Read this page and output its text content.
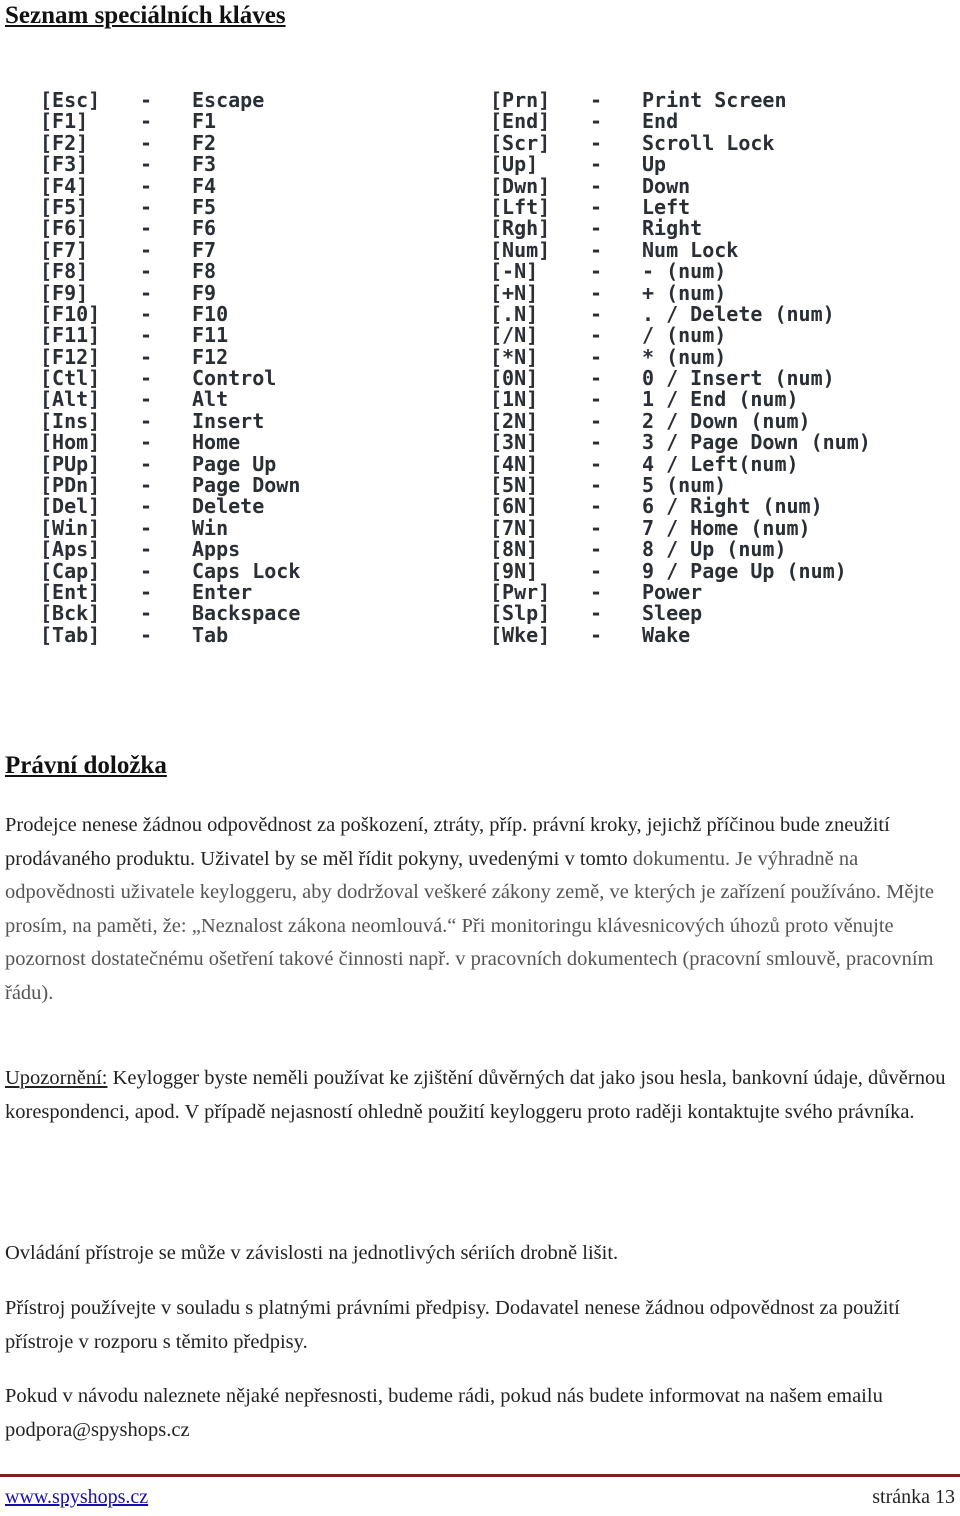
Seznam speciálních kláves
[Esc] - Escape
[F1]	- F1
[F2]	- F2
[F3]	- F3
[F4]	- F4
[F5]	- F5
[F6]	- F6
[F7]	- F7
[F8]	- F8
[F9]	- F9
[F10] - F10
[F11] - F11
[F12] - F12
[Ctl] - Control
[Alt] - Alt
[Ins] - Insert
[Hom] - Home
[PUp] - Page Up
[PDn] - Page Down
[Del] - Delete
[Win] - Win
[Aps] - Apps
[Cap] - Caps Lock
[Ent] - Enter
[Bck] - Backspace
[Tab] - Tab
[Prn] - Print Screen
[End] - End
[Scr] - Scroll Lock
[Up]	- Up
[Dwn] - Down
[Lft] - Left
[Rgh] - Right
[Num] - Num Lock
[-N]	- - (num)
[+N]	- + (num)
[.N]	- . / Delete (num)
[/N]	- / (num)
[*N]	- * (num)
[0N]	- 0 / Insert (num)
[1N]	- 1 / End (num)
[2N]	- 2 / Down (num)
[3N]	- 3 / Page Down (num)
[4N]	- 4 / Left(num)
[5N]	- 5 (num)
[6N]	- 6 / Right (num)
[7N]	- 7 / Home (num)
[8N]	- 8 / Up (num)
[9N]	- 9 / Page Up (num)
[Pwr] - Power
[Slp] - Sleep
[Wke] - Wake
Právní doložka
Prodejce nenese žádnou odpovědnost za poškození, ztráty, příp. právní kroky, jejichž příčinou bude zneužití prodávaného produktu. Uživatel by se měl řídit pokyny, uvedenými v tomto dokumentu. Je výhradně na odpovědnosti uživatele keyloggeru, aby dodržoval veškeré zákony země, ve kterých je zařízení používáno. Mějte prosím, na paměti, že: „Neznalost zákona neomlouvá.“ Při monitoringu klávesnicových úhozů proto věnujte pozornost dostatečnému ošetření takové činnosti např. v pracovních dokumentech (pracovní smlouvě, pracovním řádu).
Upozornění: Keylogger byste neměli používat ke zjištění důvěrných dat jako jsou hesla, bankovní údaje, důvěrnou korespondenci, apod. V případě nejasností ohledně použití keyloggeru proto raději kontaktujte svého právníka.
Ovládání přístroje se může v závislosti na jednotlivých sériích drobně lišit.
Přístroj používejte v souladu s platnými právními předpisy. Dodavatel nenese žádnou odpovědnost za použití přístroje v rozporu s těmito předpisy.
Pokud v návodu naleznete nějaké nepřesnosti, budeme rádi, pokud nás budete informovat na našem emailu podpora@spyshops.cz
www.spyshops.cz	stránka 13
